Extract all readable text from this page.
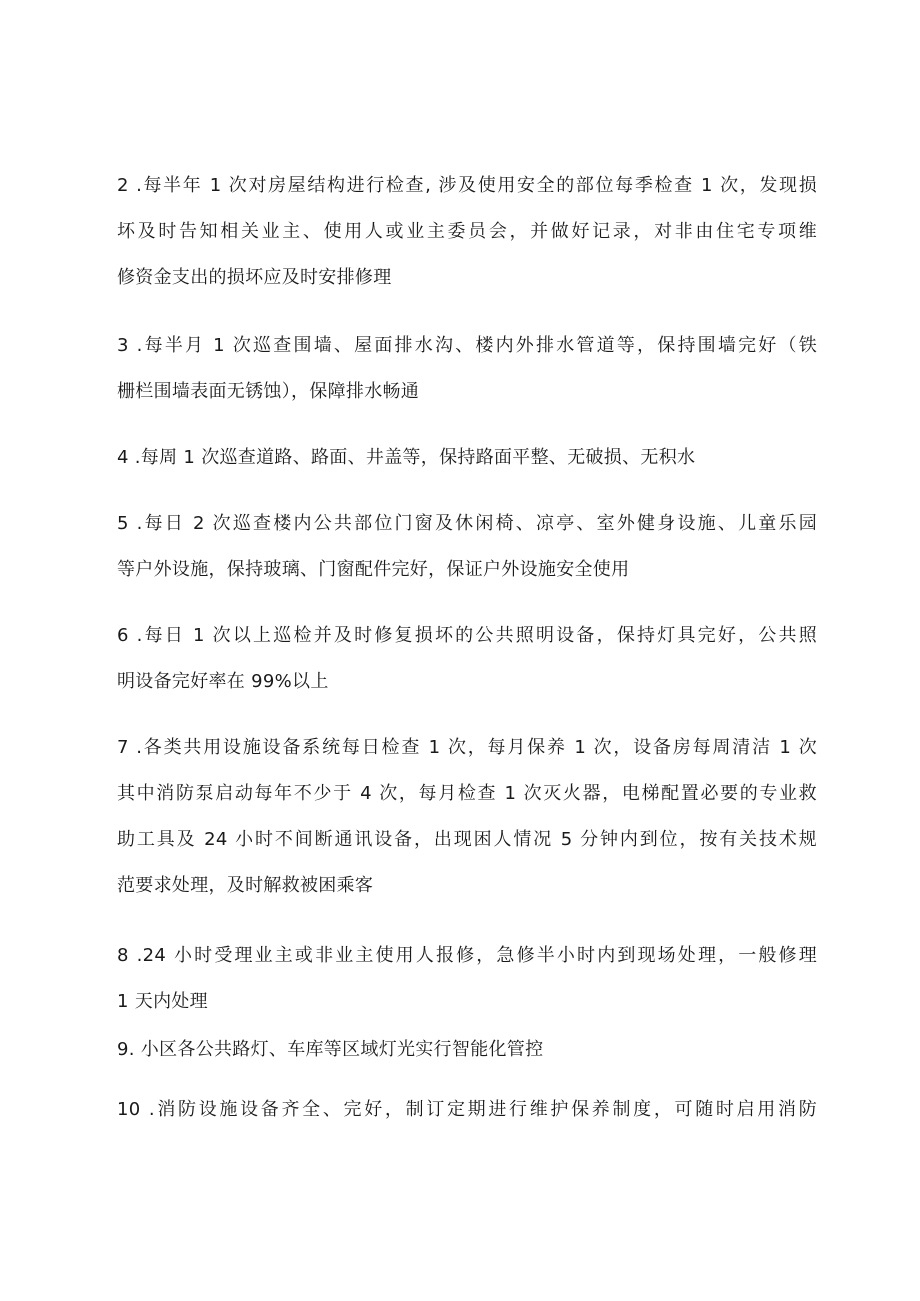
2 .每半年 1 次对房屋结构进行检查, 涉及使用安全的部位每季检查 1 次，发现损
坏及时告知相关业主、使用人或业主委员会，并做好记录，对非由住宅专项维
修资金支出的损坏应及时安排修理
3 .每半月 1 次巡查围墙、屋面排水沟、楼内外排水管道等，保持围墙完好（铁
栅栏围墙表面无锈蚀），保障排水畅通
4 .每周 1 次巡查道路、路面、井盖等，保持路面平整、无破损、无积水
5 .每日 2 次巡查楼内公共部位门窗及休闲椅、凉亭、室外健身设施、儿童乐园
等户外设施，保持玻璃、门窗配件完好，保证户外设施安全使用
6 .每日 1 次以上巡检并及时修复损坏的公共照明设备，保持灯具完好，公共照
明设备完好率在 99%以上
7 .各类共用设施设备系统每日检查 1 次，每月保养 1 次，设备房每周清洁 1 次
其中消防泵启动每年不少于 4 次，每月检查 1 次灭火器，电梯配置必要的专业救
助工具及 24 小时不间断通讯设备，出现困人情况 5 分钟内到位，按有关技术规
范要求处理，及时解救被困乘客
8 .24 小时受理业主或非业主使用人报修，急修半小时内到现场处理，一般修理
1 天内处理
9. 小区各公共路灯、车库等区域灯光实行智能化管控
10 .消防设施设备齐全、完好，制订定期进行维护保养制度，可随时启用消防
